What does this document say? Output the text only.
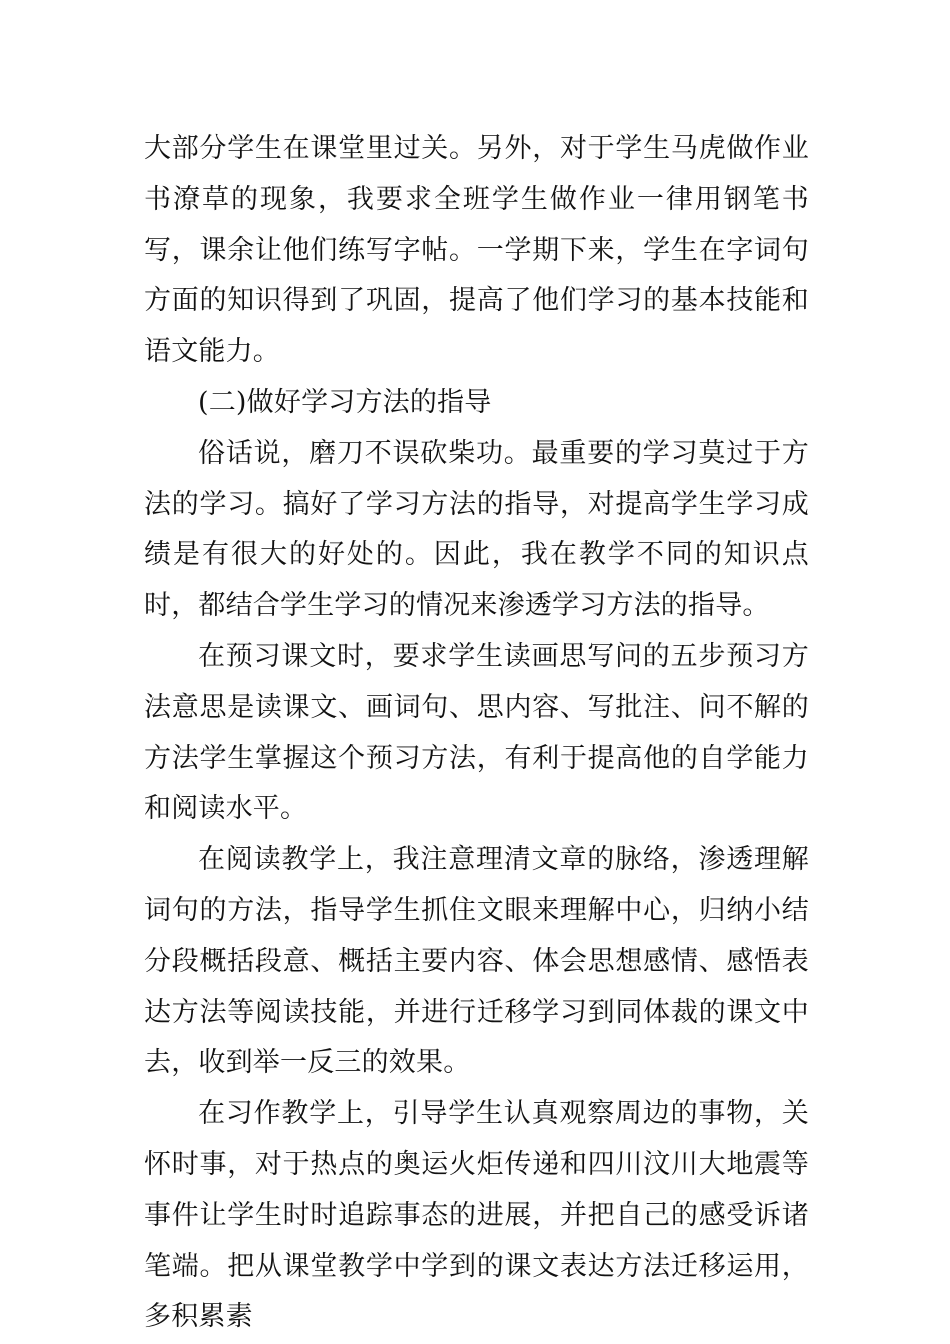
大部分学生在课堂里过关。另外，对于学生马虎做作业书潦草的现象，我要求全班学生做作业一律用钢笔书写，课余让他们练写字帖。一学期下来，学生在字词句方面的知识得到了巩固，提高了他们学习的基本技能和语文能力。

(二)做好学习方法的指导

俗话说，磨刀不误砍柴功。最重要的学习莫过于方法的学习。搞好了学习方法的指导，对提高学生学习成绩是有很大的好处的。因此，我在教学不同的知识点时，都结合学生学习的情况来渗透学习方法的指导。

在预习课文时，要求学生读画思写问的五步预习方法意思是读课文、画词句、思内容、写批注、问不解的方法学生掌握这个预习方法，有利于提高他的自学能力和阅读水平。

在阅读教学上，我注意理清文章的脉络，渗透理解词句的方法，指导学生抓住文眼来理解中心，归纳小结分段概括段意、概括主要内容、体会思想感情、感悟表达方法等阅读技能，并进行迁移学习到同体裁的课文中去，收到举一反三的效果。

在习作教学上，引导学生认真观察周边的事物，关怀时事，对于热点的奥运火炬传递和四川汶川大地震等事件让学生时时追踪事态的进展，并把自己的感受诉诸笔端。把从课堂教学中学到的课文表达方法迁移运用，多积累素
